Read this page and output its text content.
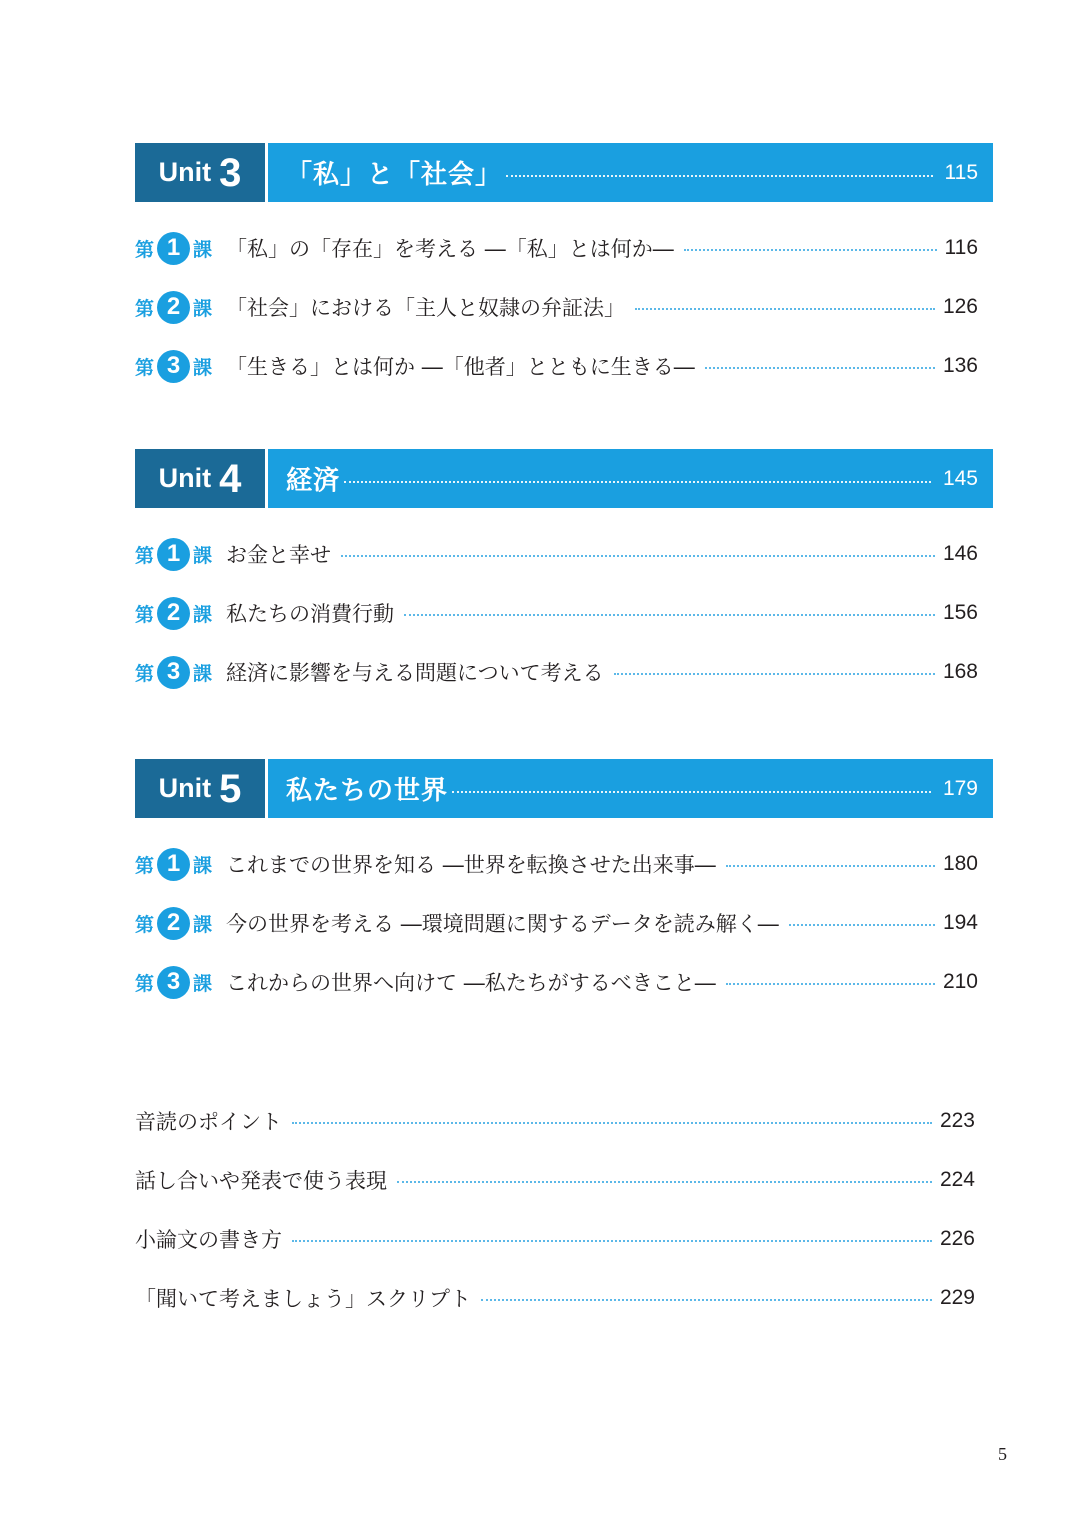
Unit 3 「私」と「社会」	115
第 1 課 「私」の「存在」を考える ―「私」とは何か―	116
第 2 課 「社会」における「主人と奴隷の弁証法」	126
第 3 課 「生きる」とは何か ―「他者」とともに生きる―	136
Unit 4 経済	145
第 1 課 お金と幸せ	146
第 2 課 私たちの消費行動	156
第 3 課 経済に影響を与える問題について考える	168
Unit 5 私たちの世界	179
第 1 課 これまでの世界を知る ―世界を転換させた出来事―	180
第 2 課 今の世界を考える ―環境問題に関するデータを読み解く―	194
第 3 課 これからの世界へ向けて ―私たちがするべきこと―	210
音読のポイント	223
話し合いや発表で使う表現	224
小論文の書き方	226
「聞いて考えましょう」スクリプト	229
5
